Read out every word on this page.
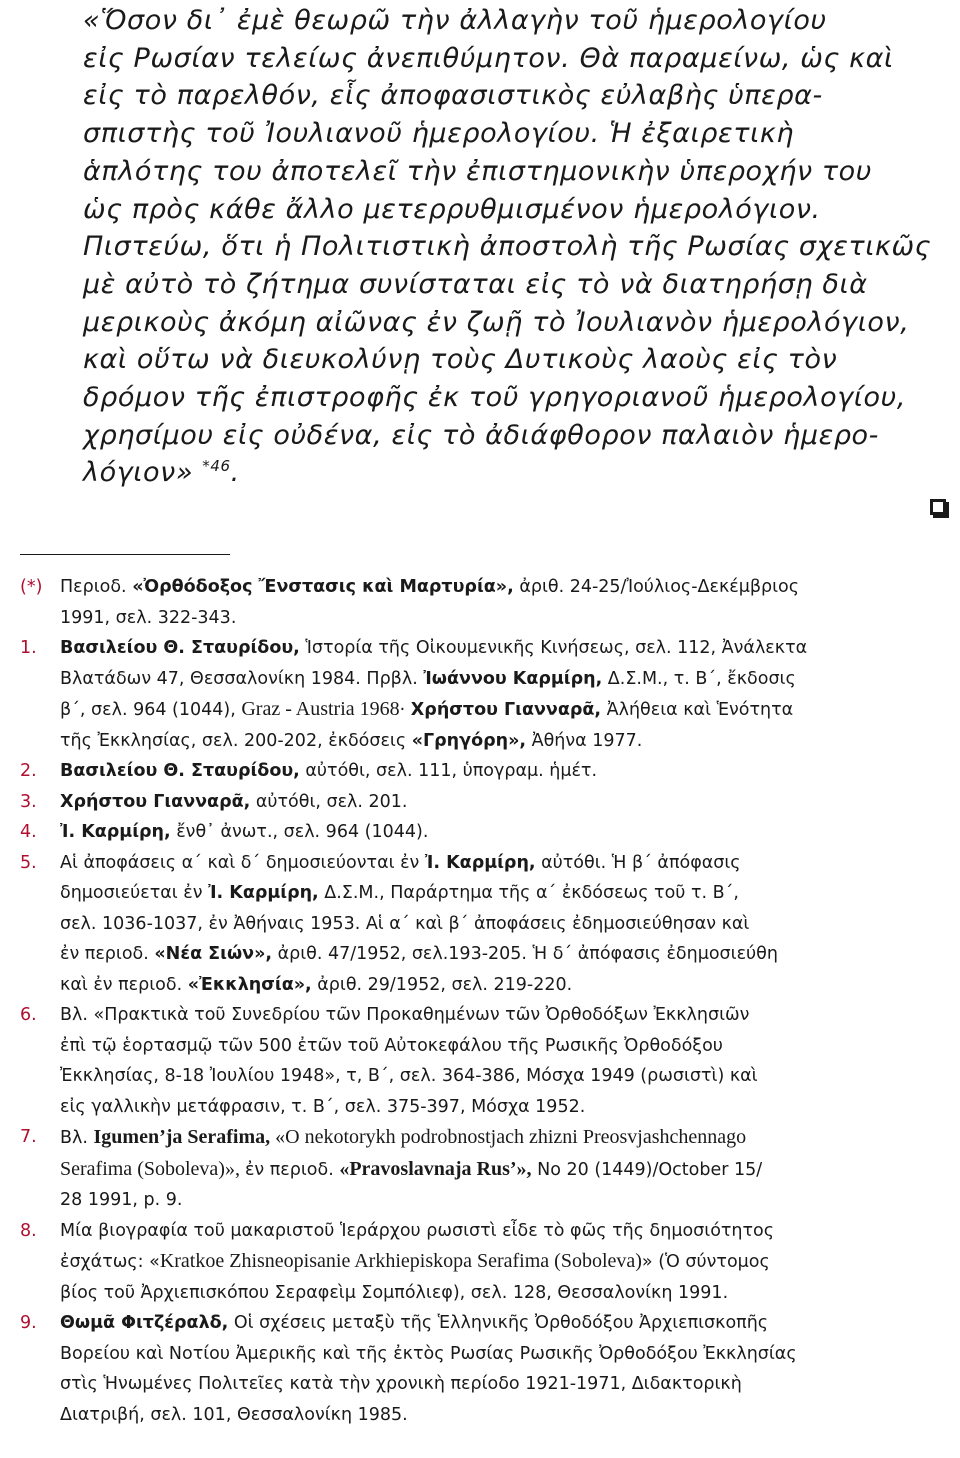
«Ὅσον δι᾽ ἐμὲ θεωρῶ τὴν ἀλλαγὴν τοῦ ἡμερολογίου
εἰς Ρωσίαν τελείως ἀνεπιθύμητον. Θὰ παραμείνω, ὡς καὶ
εἰς τὸ παρελθόν, εἷς ἀποφασιστικὸς εὐλαβὴς ὑπερα-
σπιστὴς τοῦ Ἰουλιανοῦ ἡμερολογίου. Ἡ ἐξαιρετικὴ
ἁπλότης του ἀποτελεῖ τὴν ἐπιστημονικὴν ὑπεροχήν του
ὡς πρὸς κάθε ἄλλο μετερρυθμισμένον ἡμερολόγιον.
Πιστεύω, ὅτι ἡ Πολιτιστικὴ ἀποστολὴ τῆς Ρωσίας σχετικῶς
μὲ αὐτὸ τὸ ζήτημα συνίσταται εἰς τὸ νὰ διατηρήσῃ διὰ
μερικοὺς ἀκόμη αἰῶνας ἐν ζωῇ τὸ Ἰουλιανὸν ἡμερολόγιον,
καὶ οὕτω νὰ διευκολύνῃ τοὺς Δυτικοὺς λαοὺς εἰς τὸν
δρόμον τῆς ἐπιστροφῆς ἐκ τοῦ γρηγοριανοῦ ἡμερολογίου,
χρησίμου εἰς οὐδένα, εἰς τὸ ἀδιάφθορον παλαιὸν ἡμερο-
λόγιον» $^{*46}$.
(*) Περιοδ. «Ὀρθόδοξος Ἔνστασις καὶ Μαρτυρία», ἀριθ. 24-25/Ἰούλιος-Δεκέμβριος
1991, σελ. 322-343.
1. Βασιλείου Θ. Σταυρίδου, Ἱστορία τῆς Οἰκουμενικῆς Κινήσεως, σελ. 112, Ἀνάλεκτα
Βλατάδων 47, Θεσσαλονίκη 1984. Πρβλ. Ἰωάννου Καρμίρη, Δ.Σ.Μ., τ. Β΄, ἔκδοσις
β΄, σελ. 964 (1044), Graz - Austria 1968· Χρήστου Γιανναρᾶ, Ἀλήθεια καὶ Ἑνότητα
τῆς Ἐκκλησίας, σελ. 200-202, ἐκδόσεις «Γρηγόρη», Ἀθήνα 1977.
2. Βασιλείου Θ. Σταυρίδου, αὐτόθι, σελ. 111, ὑπογραμ. ἡμέτ.
3. Χρήστου Γιανναρᾶ, αὐτόθι, σελ. 201.
4. Ἰ. Καρμίρη, ἔνθ᾽ ἀνωτ., σελ. 964 (1044).
5. Αἱ ἀποφάσεις α΄ καὶ δ΄ δημοσιεύονται ἐν Ἰ. Καρμίρη, αὐτόθι. Ἡ β΄ ἀπόφασις
δημοσιεύεται ἐν Ἰ. Καρμίρη, Δ.Σ.Μ., Παράρτημα τῆς α΄ ἐκδόσεως τοῦ τ. Β΄,
σελ. 1036-1037, ἐν Ἀθήναις 1953. Αἱ α΄ καὶ β΄ ἀποφάσεις ἐδημοσιεύθησαν καὶ
ἐν περιοδ. «Νέα Σιών», ἀριθ. 47/1952, σελ.193-205. Ἡ δ΄ ἀπόφασις ἐδημοσιεύθη
καὶ ἐν περιοδ. «Ἐκκλησία», ἀριθ. 29/1952, σελ. 219-220.
6. Βλ. «Πρακτικὰ τοῦ Συνεδρίου τῶν Προκαθημένων τῶν Ὀρθοδόξων Ἐκκλησιῶν
ἐπὶ τῷ ἑορτασμῷ τῶν 500 ἐτῶν τοῦ Αὐτοκεφάλου τῆς Ρωσικῆς Ὀρθοδόξου
Ἐκκλησίας, 8-18 Ἰουλίου 1948», τ, Β΄, σελ. 364-386, Μόσχα 1949 (ρωσιστὶ) καὶ
εἰς γαλλικὴν μετάφρασιν, τ. Β΄, σελ. 375-397, Μόσχα 1952.
7. Βλ. Igumen’ja Serafima, «O nekotorykh podrobnostjach zhizni Preosvjashchennago
Serafima (Soboleva)», ἐν περιοδ. «Pravoslavnaja Rus’», No 20 (1449)/October 15/
28 1991, p. 9.
8. Μία βιογραφία τοῦ μακαριστοῦ Ἱεράρχου ρωσιστὶ εἶδε τὸ φῶς τῆς δημοσιότητος
ἐσχάτως: «Kratkoe Zhisneopisanie Arkhiepiskopa Serafima (Soboleva)» (Ὁ σύντομος
βίος τοῦ Ἀρχιεπισκόπου Σεραφεὶμ Σομπόλιεφ), σελ. 128, Θεσσαλονίκη 1991.
9. Θωμᾶ Φιτζέραλδ, Οἱ σχέσεις μεταξὺ τῆς Ἑλληνικῆς Ὀρθοδόξου Ἀρχιεπισκοπῆς
Βορείου καὶ Νοτίου Ἀμερικῆς καὶ τῆς ἐκτὸς Ρωσίας Ρωσικῆς Ὀρθοδόξου Ἐκκλησίας
στὶς Ἡνωμένες Πολιτεῖες κατὰ τὴν χρονικὴ περίοδο 1921-1971, Διδακτορικὴ
Διατριβή, σελ. 101, Θεσσαλονίκη 1985.
